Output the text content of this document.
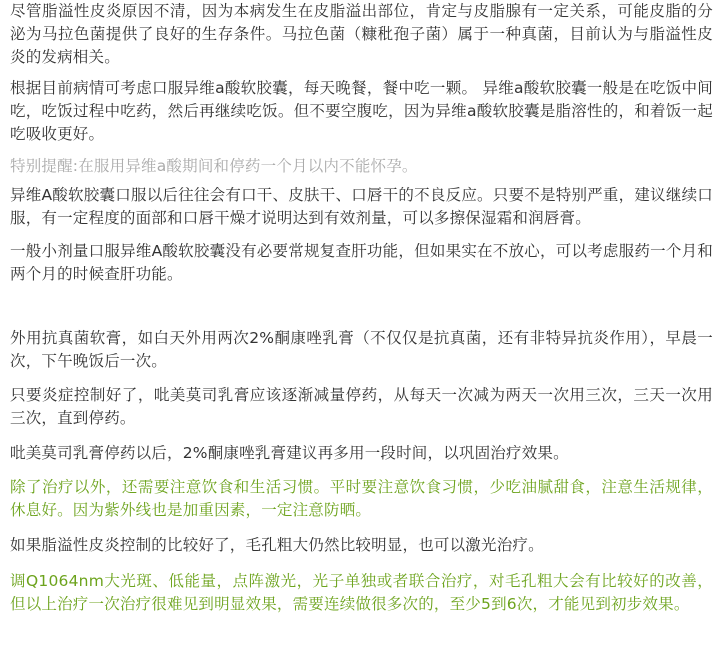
尽管脂溢性皮炎原因不清，因为本病发生在皮脂溢出部位，肯定与皮脂腺有一定关系，可能皮脂的分泌为马拉色菌提供了良好的生存条件。马拉色菌（糠秕孢子菌）属于一种真菌，目前认为与脂溢性皮炎的发病相关。

根据目前病情可考虑口服异维a酸软胶囊，每天晚餐，餐中吃一颗。 异维a酸软胶囊一般是在吃饭中间吃，吃饭过程中吃药，然后再继续吃饭。但不要空腹吃，因为异维a酸软胶囊是脂溶性的，和着饭一起吃吸收更好。

特别提醒:在服用异维a酸期间和停药一个月以内不能怀孕。

异维A酸软胶囊口服以后往往会有口干、皮肤干、口唇干的不良反应。只要不是特别严重，建议继续口服，有一定程度的面部和口唇干燥才说明达到有效剂量，可以多擦保湿霜和润唇膏。

一般小剂量口服异维A酸软胶囊没有必要常规复查肝功能，但如果实在不放心，可以考虑服药一个月和两个月的时候查肝功能。

外用抗真菌软膏，如白天外用两次2%酮康唑乳膏（不仅仅是抗真菌，还有非特异抗炎作用），早晨一次，下午晚饭后一次。

只要炎症控制好了，吡美莫司乳膏应该逐渐减量停药，从每天一次减为两天一次用三次，三天一次用三次，直到停药。

吡美莫司乳膏停药以后，2%酮康唑乳膏建议再多用一段时间，以巩固治疗效果。

除了治疗以外，还需要注意饮食和生活习惯。平时要注意饮食习惯，少吃油腻甜食，注意生活规律，休息好。因为紫外线也是加重因素，一定注意防晒。

如果脂溢性皮炎控制的比较好了，毛孔粗大仍然比较明显，也可以激光治疗。

调Q1064nm大光斑、低能量，点阵激光，光子单独或者联合治疗，对毛孔粗大会有比较好的改善，但以上治疗一次治疗很难见到明显效果，需要连续做很多次的，至少5到6次，才能见到初步效果。
